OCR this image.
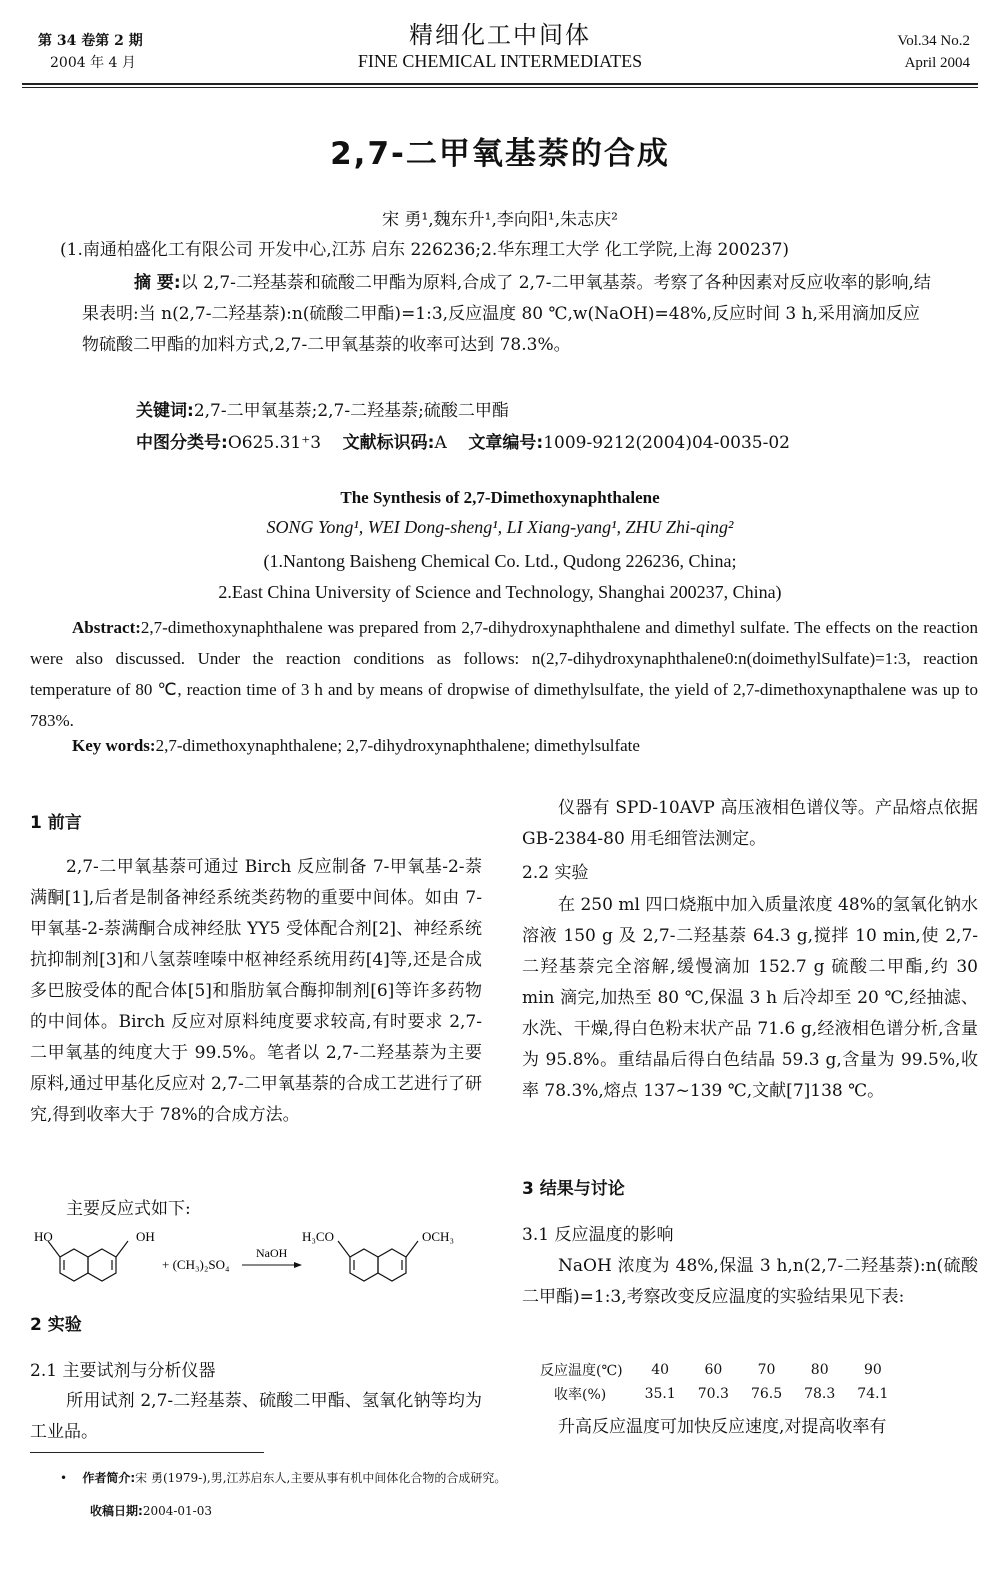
第 34 卷第 2 期
2004 年 4 月
精细化工中间体
FINE CHEMICAL INTERMEDIATES
Vol.34 No.2
April 2004
2,7-二甲氧基萘的合成
宋 勇¹,魏东升¹,李向阳¹,朱志庆²
(1.南通柏盛化工有限公司 开发中心,江苏 启东 226236;2.华东理工大学 化工学院,上海 200237)
摘 要:以 2,7-二羟基萘和硫酸二甲酯为原料,合成了 2,7-二甲氧基萘。考察了各种因素对反应收率的影响,结果表明:当 n(2,7-二羟基萘):n(硫酸二甲酯)=1:3,反应温度 80 ℃,w(NaOH)=48%,反应时间 3 h,采用滴加反应物硫酸二甲酯的加料方式,2,7-二甲氧基萘的收率可达到 78.3%。
关键词:2,7-二甲氧基萘;2,7-二羟基萘;硫酸二甲酯
中图分类号:O625.31⁺3 文献标识码:A 文章编号:1009-9212(2004)04-0035-02
The Synthesis of 2,7-Dimethoxynaphthalene
SONG Yong¹, WEI Dong-sheng¹, LI Xiang-yang¹, ZHU Zhi-qing²
(1.Nantong Baisheng Chemical Co. Ltd., Qudong 226236, China;
2.East China University of Science and Technology, Shanghai 200237, China)
Abstract:2,7-dimethoxynaphthalene was prepared from 2,7-dihydroxynaphthalene and dimethyl sulfate. The effects on the reaction were also discussed. Under the reaction conditions as follows: n(2,7-dihydroxynaphthalene0:n(doimethylSulfate)=1:3, reaction temperature of 80 ℃, reaction time of 3 h and by means of dropwise of dimethylsulfate, the yield of 2,7-dimethoxynapthalene was up to 783%.
Key words:2,7-dimethoxynaphthalene; 2,7-dihydroxynaphthalene; dimethylsulfate
1 前言
2,7-二甲氧基萘可通过 Birch 反应制备 7-甲氧基-2-萘满酮[1],后者是制备神经系统类药物的重要中间体。如由 7-甲氧基-2-萘满酮合成神经肽 YY5 受体配合剂[2]、神经系统抗抑制剂[3]和八氢萘喹嗪中枢神经系统用药[4]等,还是合成多巴胺受体的配合体[5]和脂肪氧合酶抑制剂[6]等许多药物的中间体。Birch 反应对原料纯度要求较高,有时要求 2,7-二甲氧基的纯度大于 99.5%。笔者以 2,7-二羟基萘为主要原料,通过甲基化反应对 2,7-二甲氧基萘的合成工艺进行了研究,得到收率大于 78%的合成方法。
主要反应式如下:
HO	OH
+ (CH₃)₂SO₄
NaOH
H₃CO	OCH₃
2 实验
2.1 主要试剂与分析仪器
所用试剂 2,7-二羟基萘、硫酸二甲酯、氢氧化钠等均为工业品。
仪器有 SPD-10AVP 高压液相色谱仪等。产品熔点依据 GB-2384-80 用毛细管法测定。
2.2 实验
在 250 ml 四口烧瓶中加入质量浓度 48%的氢氧化钠水溶液 150 g 及 2,7-二羟基萘 64.3 g,搅拌 10 min,使 2,7-二羟基萘完全溶解,缓慢滴加 152.7 g 硫酸二甲酯,约 30 min 滴完,加热至 80 ℃,保温 3 h 后冷却至 20 ℃,经抽滤、水洗、干燥,得白色粉末状产品 71.6 g,经液相色谱分析,含量为 95.8%。重结晶后得白色结晶 59.3 g,含量为 99.5%,收率 78.3%,熔点 137~139 ℃,文献[7]138 ℃。
3 结果与讨论
3.1 反应温度的影响
NaOH 浓度为 48%,保温 3 h,n(2,7-二羟基萘):n(硫酸二甲酯)=1:3,考察改变反应温度的实验结果见下表:
反应温度(℃)	40	60	70	80	90
收率(%)	35.1	70.3	76.5	78.3	74.1
升高反应温度可加快反应速度,对提高收率有
• 作者简介:宋 勇(1979-),男,江苏启东人,主要从事有机中间体化合物的合成研究。
收稿日期:2004-01-03
